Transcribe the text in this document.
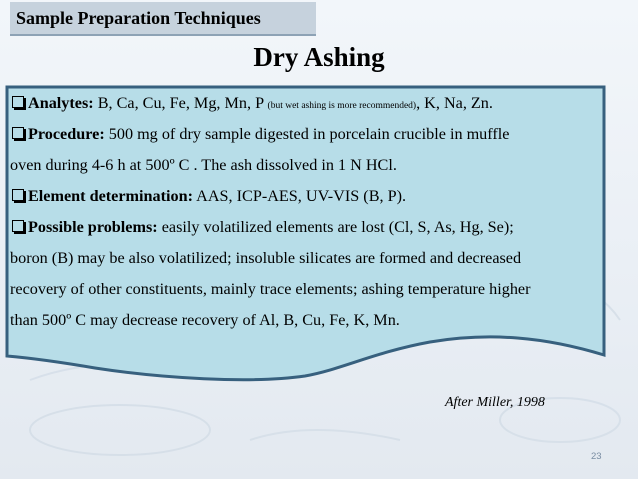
Sample Preparation Techniques
Dry Ashing
Analytes: B, Ca, Cu, Fe, Mg, Mn, P (but wet ashing is more recommended), K, Na, Zn.
Procedure: 500 mg of dry sample digested in porcelain crucible in muffle
oven during 4-6 h at 500º C . The ash dissolved in 1 N HCl.
Element determination: AAS, ICP-AES, UV-VIS (B, P).
Possible problems: easily volatilized elements are lost (Cl, S, As, Hg, Se);
boron (B) may be also volatilized; insoluble silicates are formed and decreased
recovery of other constituents, mainly trace elements; ashing temperature higher
than 500º C may decrease recovery of Al, B, Cu, Fe, K, Mn.
After Miller, 1998
23
